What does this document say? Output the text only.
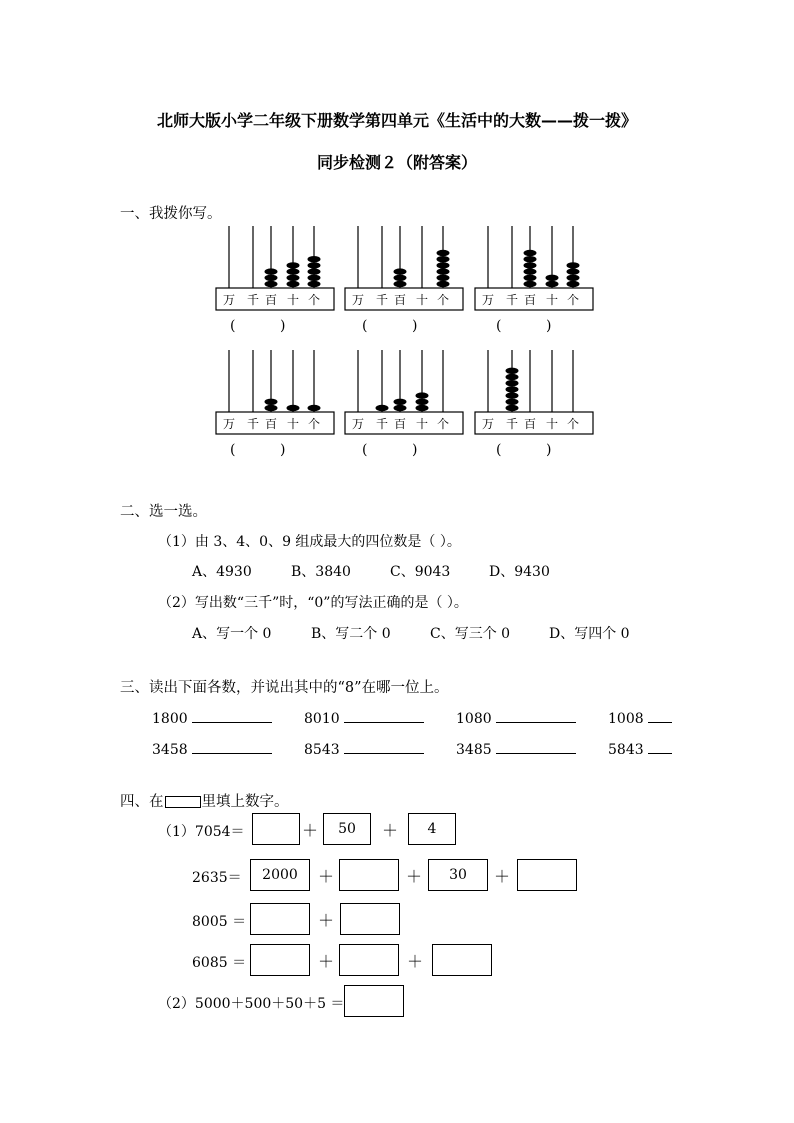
北师大版小学二年级下册数学第四单元《生活中的大数——拨一拨》
同步检测２（附答案）
一、我拨你写。
万 千 百 十 个	万 千 百 十 个	万 千 百 十 个
万 千 百 十 个	万 千 百 十 个	万 千 百 十 个
(          )	(          )	(          )
(          )	(          )	(          )
二、选一选。
（1）由 3、4、0、9 组成最大的四位数是（ ）。
A、4930	B、3840	C、9043	D、9430
（2）写出数“三千”时，“0”的写法正确的是（ ）。
A、写一个 0	B、写二个 0	C、写三个 0	D、写四个 0
三、读出下面各数，并说出其中的“8”在哪一位上。
1800	8010	1080	1008
3458	8543	3485	5843
四、在	里填上数字。
（1）7054＝	＋	50	＋	4
2635＝	2000	＋	＋	30	＋
8005 ＝	＋
6085 ＝	＋	＋
（2）5000＋500＋50＋5 ＝
